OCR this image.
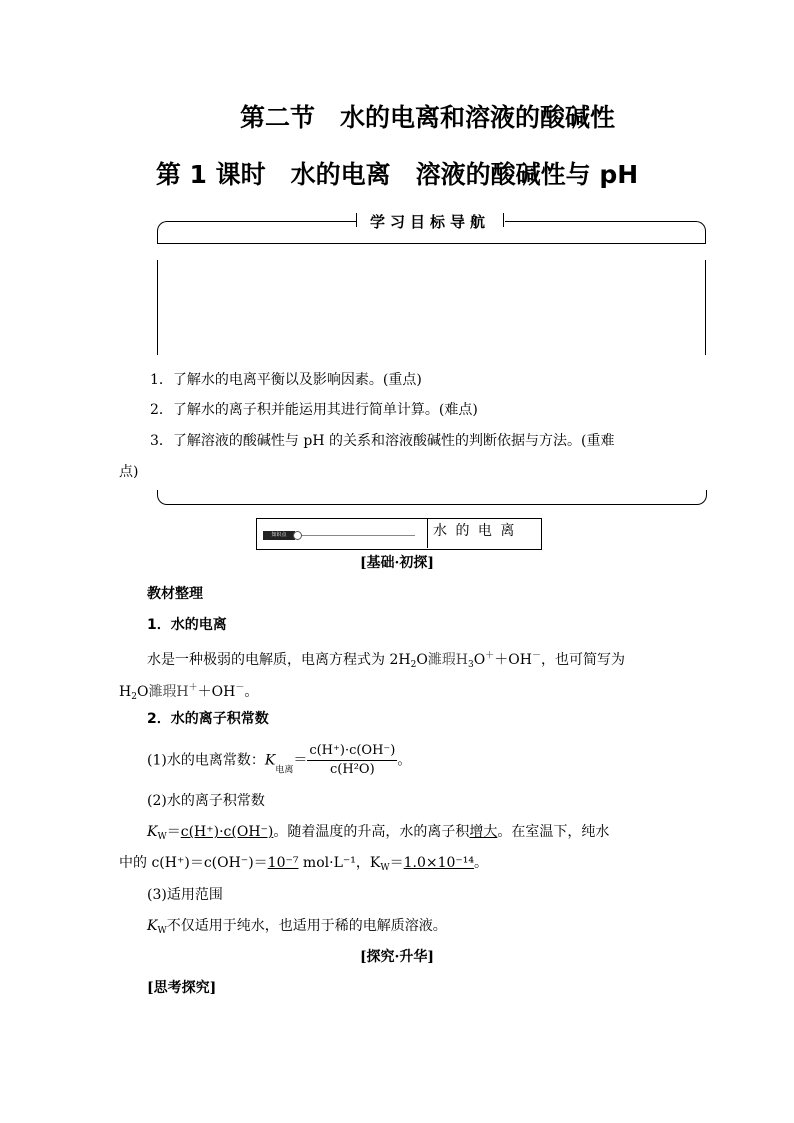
第二节　水的电离和溶液的酸碱性
第 1 课时　水的电离　溶液的酸碱性与 pH
学习目标导航
1．了解水的电离平衡以及影响因素。(重点)
2．了解水的离子积并能运用其进行简单计算。(难点)
3．了解溶液的酸碱性与 pH 的关系和溶液酸碱性的判断依据与方法。(重难
点)
知识点	水 的 电 离
[基础·初探]
教材整理
1．水的电离
水是一种极弱的电解质，电离方程式为 $2H_2O$濉瑕$H_3O^++OH^-$，也可简写为
$H_2O$濉瑕H＋＋OH－。
2．水的离子积常数
(1)水的电离常数：$K_{电离}= \frac{c(H^+)\cdot c(OH^-)}{\text{c(H²O)}}$ 。
(2)水的离子积常数
$K_W=c(H^+)\cdot c(OH^-)$。随着温度的升高，水的离子积增大。在室温下，纯水
中的 c(H⁺)＝c(OH⁻)＝10⁻⁷ mol·L⁻¹，$K_W=1.0\times 10^{-14}$。
(3)适用范围
$K_W$不仅适用于纯水，也适用于稀的电解质溶液。
[探究·升华]
[思考探究]
